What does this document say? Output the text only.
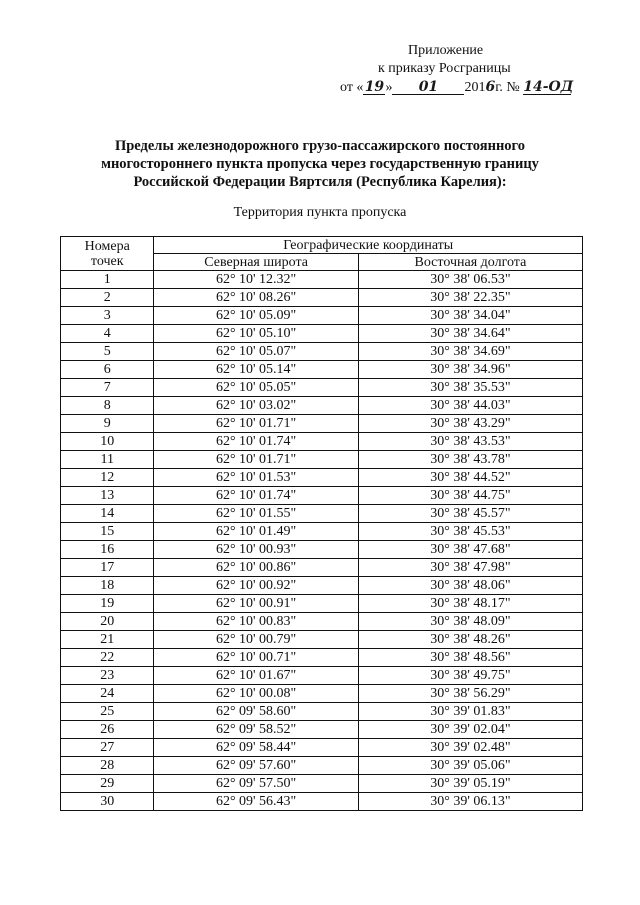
Приложение
к приказу Росграницы
от «19» 01 2016г. № 14-ОД
Пределы железнодорожного грузо-пассажирского постоянного
многостороннего пункта пропуска через государственную границу
Российской Федерации Вяртсиля (Республика Карелия):
Территория пункта пропуска
Номера
точек	Географические координаты	
	Северная широта	Восточная долгота
1	62° 10' 12.32"	30° 38' 06.53"
2	62° 10' 08.26"	30° 38' 22.35"
3	62° 10' 05.09"	30° 38' 34.04"
4	62° 10' 05.10"	30° 38' 34.64"
5	62° 10' 05.07"	30° 38' 34.69"
6	62° 10' 05.14"	30° 38' 34.96"
7	62° 10' 05.05"	30° 38' 35.53"
8	62° 10' 03.02"	30° 38' 44.03"
9	62° 10' 01.71"	30° 38' 43.29"
10	62° 10' 01.74"	30° 38' 43.53"
11	62° 10' 01.71"	30° 38' 43.78"
12	62° 10' 01.53"	30° 38' 44.52"
13	62° 10' 01.74"	30° 38' 44.75"
14	62° 10' 01.55"	30° 38' 45.57"
15	62° 10' 01.49"	30° 38' 45.53"
16	62° 10' 00.93"	30° 38' 47.68"
17	62° 10' 00.86"	30° 38' 47.98"
18	62° 10' 00.92"	30° 38' 48.06"
19	62° 10' 00.91"	30° 38' 48.17"
20	62° 10' 00.83"	30° 38' 48.09"
21	62° 10' 00.79"	30° 38' 48.26"
22	62° 10' 00.71"	30° 38' 48.56"
23	62° 10' 01.67"	30° 38' 49.75"
24	62° 10' 00.08"	30° 38' 56.29"
25	62° 09' 58.60"	30° 39' 01.83"
26	62° 09' 58.52"	30° 39' 02.04"
27	62° 09' 58.44"	30° 39' 02.48"
28	62° 09' 57.60"	30° 39' 05.06"
29	62° 09' 57.50"	30° 39' 05.19"
30	62° 09' 56.43"	30° 39' 06.13"
